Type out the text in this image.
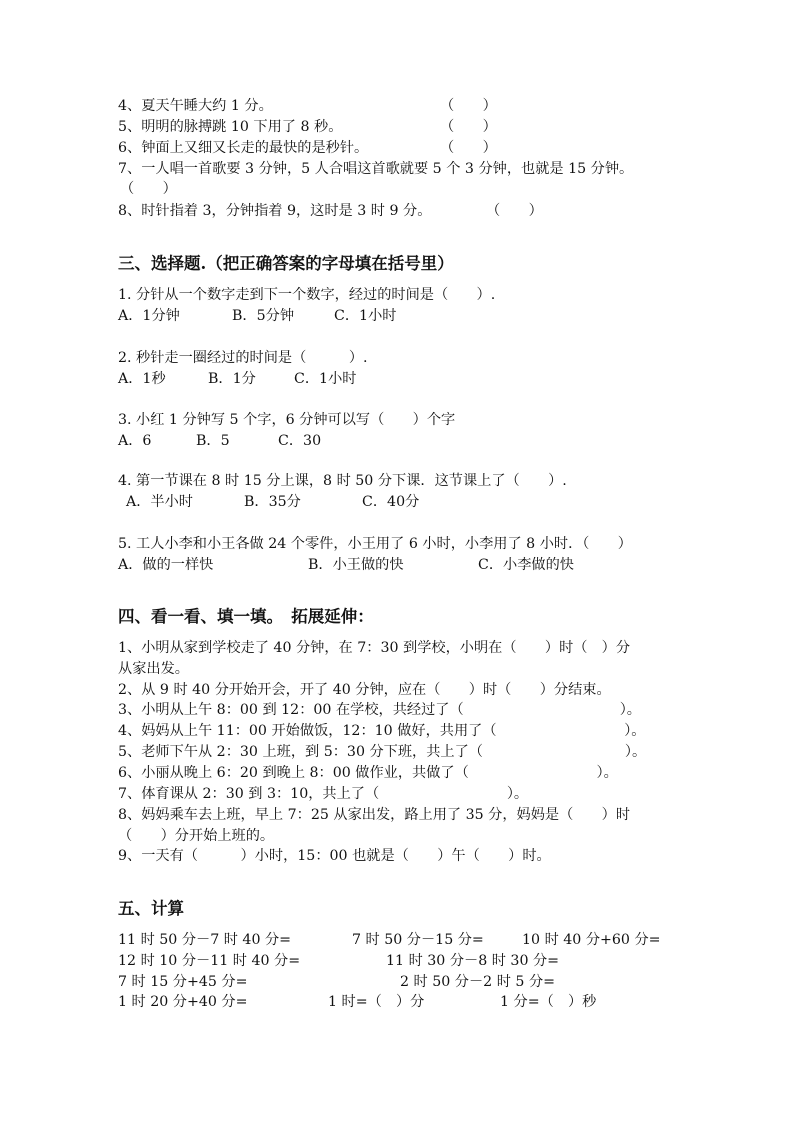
4、夏天午睡大约 1 分。	（　　）
5、明明的脉搏跳 10 下用了 8 秒。	（　　）
6、钟面上又细又长走的最快的是秒针。	（　　）
7、一人唱一首歌要 3 分钟，5 人合唱这首歌就要 5 个 3 分钟，也就是 15 分钟。
（　　）
8、时针指着 3，分钟指着 9，这时是 3 时 9 分。	（　　）
三、选择题.（把正确答案的字母填在括号里）
1. 分针从一个数字走到下一个数字，经过的时间是（　　）.
A．1分钟	B．5分钟	C．1小时
2. 秒针走一圈经过的时间是（　　　）.
A．1秒	B．1分	C．1小时
3. 小红 1 分钟写 5 个字，6 分钟可以写（　　）个字
A．6	B．5	C．30
4. 第一节课在 8 时 15 分上课，8 时 50 分下课．这节课上了（　　）.
A．半小时	B．35分	C．40分
5. 工人小李和小王各做 24 个零件，小王用了 6 小时，小李用了 8 小时．（　　）
A．做的一样快	B．小王做的快	C．小李做的快
四、看一看、填一填。　拓展延伸：
1、小明从家到学校走了 40 分钟，在 7：30 到学校，小明在（　　）时（　）分
从家出发。
2、从 9 时 40 分开始开会，开了 40 分钟，应在（　　）时（　　）分结束。
3、小明从上午 8：00 到 12：00 在学校，共经过了（　　　　　　　　　　　）。
4、妈妈从上午 11：00 开始做饭，12：10 做好，共用了（　　　　　　　　　）。
5、老师下午从 2：30 上班，到 5：30 分下班，共上了（　　　　　　　　　　）。
6、小丽从晚上 6：20 到晚上 8：00 做作业，共做了（　　　　　　　　　）。
7、体育课从 2：30 到 3：10，共上了（　　　　　　　　　）。
8、妈妈乘车去上班，早上 7：25 从家出发，路上用了 35 分，妈妈是（　　）时
（　　）分开始上班的。
9、一天有（　　　）小时，15：00 也就是（　　）午（　　）时。
五、计算
11 时 50 分－7 时 40 分=	7 时 50 分－15 分=	10 时 40 分+60 分=
12 时 10 分－11 时 40 分=	11 时 30 分－8 时 30 分=
7 时 15 分+45 分=	2 时 50 分－2 时 5 分=
1 时 20 分+40 分=	1 时=（　）分	1 分=（　）秒
